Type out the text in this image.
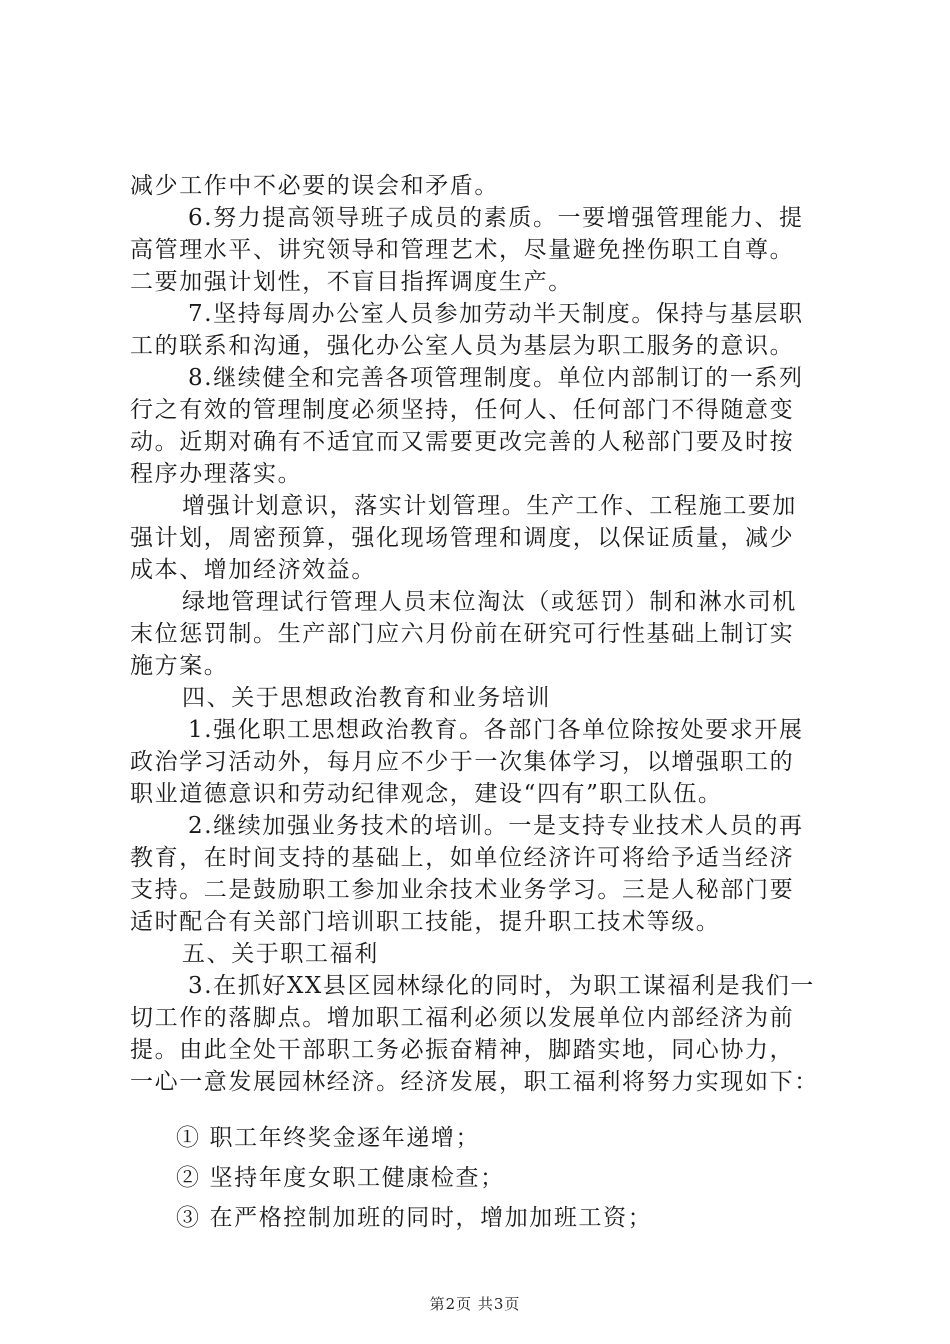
减少工作中不必要的误会和矛盾。
6.努力提高领导班子成员的素质。一要增强管理能力、提
高管理水平、讲究领导和管理艺术，尽量避免挫伤职工自尊。
二要加强计划性，不盲目指挥调度生产。
7.坚持每周办公室人员参加劳动半天制度。保持与基层职
工的联系和沟通，强化办公室人员为基层为职工服务的意识。
8.继续健全和完善各项管理制度。单位内部制订的一系列
行之有效的管理制度必须坚持，任何人、任何部门不得随意变
动。近期对确有不适宜而又需要更改完善的人秘部门要及时按
程序办理落实。
增强计划意识，落实计划管理。生产工作、工程施工要加
强计划，周密预算，强化现场管理和调度，以保证质量，减少
成本、增加经济效益。
绿地管理试行管理人员末位淘汰（或惩罚）制和淋水司机
末位惩罚制。生产部门应六月份前在研究可行性基础上制订实
施方案。
四、关于思想政治教育和业务培训
1.强化职工思想政治教育。各部门各单位除按处要求开展
政治学习活动外，每月应不少于一次集体学习，以增强职工的
职业道德意识和劳动纪律观念，建设“四有”职工队伍。
2.继续加强业务技术的培训。一是支持专业技术人员的再
教育，在时间支持的基础上，如单位经济许可将给予适当经济
支持。二是鼓励职工参加业余技术业务学习。三是人秘部门要
适时配合有关部门培训职工技能，提升职工技术等级。
五、关于职工福利
3.在抓好XX县区园林绿化的同时，为职工谋福利是我们一
切工作的落脚点。增加职工福利必须以发展单位内部经济为前
提。由此全处干部职工务必振奋精神，脚踏实地，同心协力，
一心一意发展园林经济。经济发展，职工福利将努力实现如下：
① 职工年终奖金逐年递增；
② 坚持年度女职工健康检查；
③ 在严格控制加班的同时，增加加班工资；
第2页 共3页
